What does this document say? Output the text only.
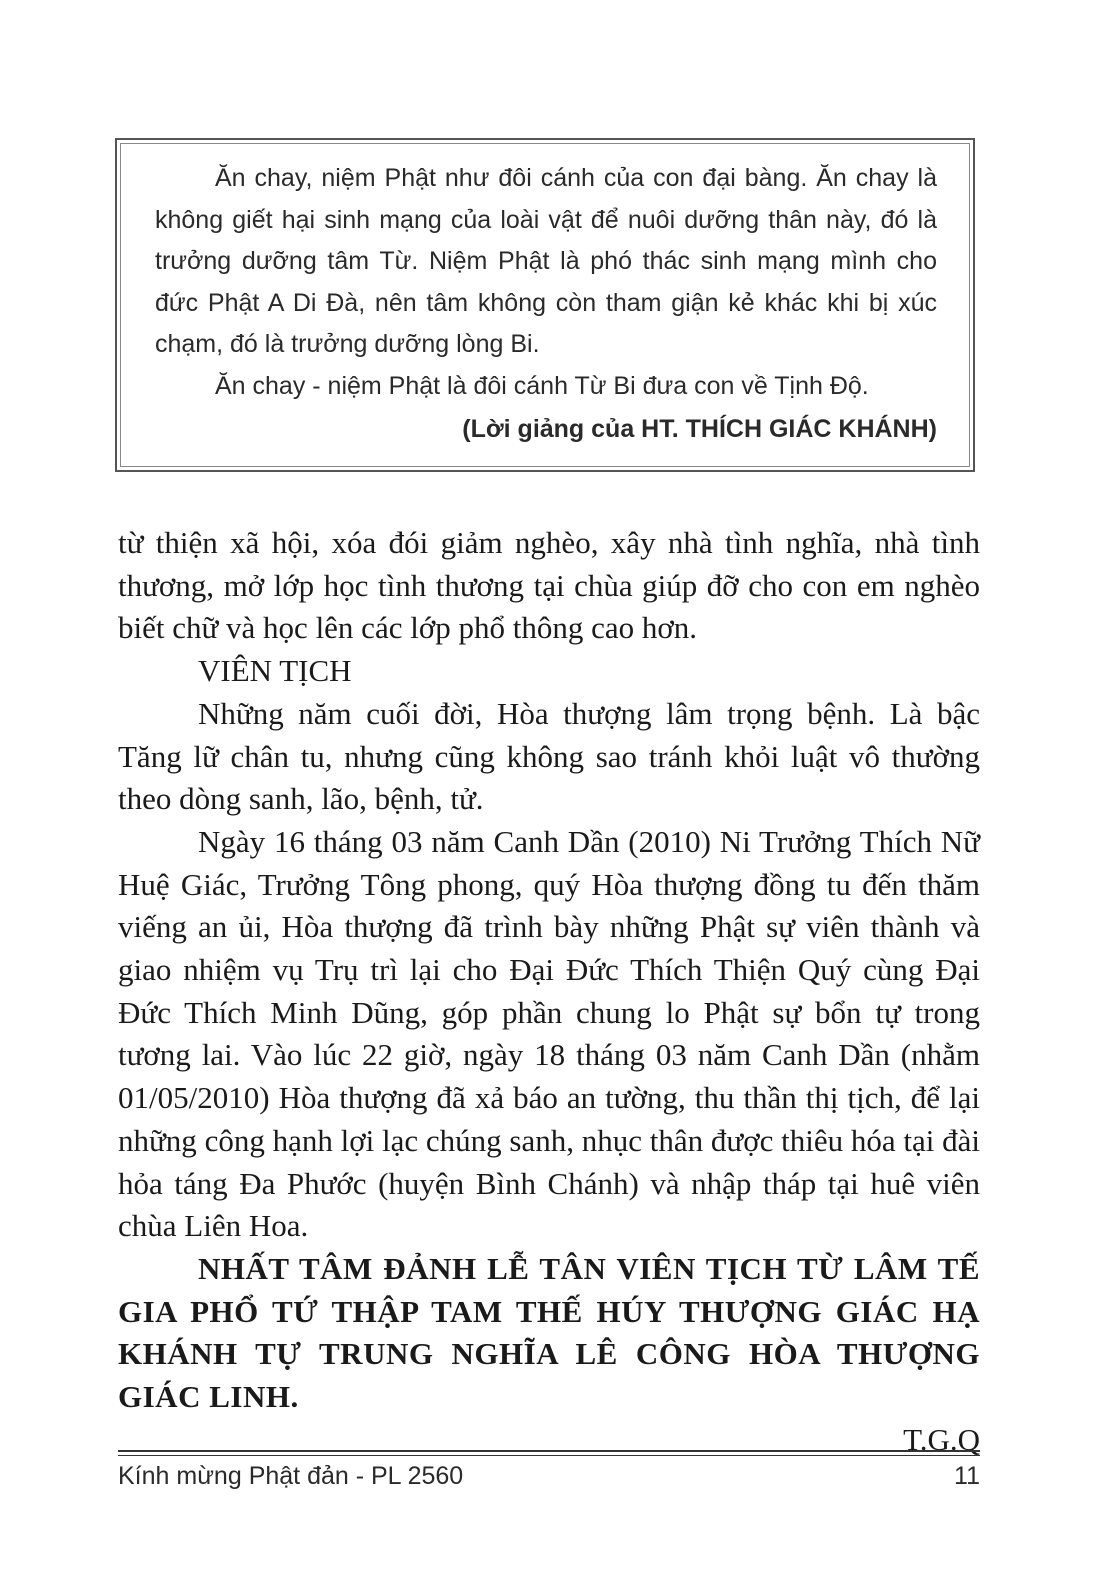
Ăn chay, niệm Phật như đôi cánh của con đại bàng. Ăn chay là không giết hại sinh mạng của loài vật để nuôi dưỡng thân này, đó là trưởng dưỡng tâm Từ. Niệm Phật là phó thác sinh mạng mình cho đức Phật A Di Đà, nên tâm không còn tham giận kẻ khác khi bị xúc chạm, đó là trưởng dưỡng lòng Bi.

Ăn chay - niệm Phật là đôi cánh Từ Bi đưa con về Tịnh Độ.

(Lời giảng của HT. THÍCH GIÁC KHÁNH)

từ thiện xã hội, xóa đói giảm nghèo, xây nhà tình nghĩa, nhà tình thương, mở lớp học tình thương tại chùa giúp đỡ cho con em nghèo biết chữ và học lên các lớp phổ thông cao hơn.

VIÊN TỊCH

Những năm cuối đời, Hòa thượng lâm trọng bệnh. Là bậc Tăng lữ chân tu, nhưng cũng không sao tránh khỏi luật vô thường theo dòng sanh, lão, bệnh, tử.

Ngày 16 tháng 03 năm Canh Dần (2010) Ni Trưởng Thích Nữ Huệ Giác, Trưởng Tông phong, quý Hòa thượng đồng tu đến thăm viếng an ủi, Hòa thượng đã trình bày những Phật sự viên thành và giao nhiệm vụ Trụ trì lại cho Đại Đức Thích Thiện Quý cùng Đại Đức Thích Minh Dũng, góp phần chung lo Phật sự bổn tự trong tương lai. Vào lúc 22 giờ, ngày 18 tháng 03 năm Canh Dần (nhằm 01/05/2010) Hòa thượng đã xả báo an tường, thu thần thị tịch, để lại những công hạnh lợi lạc chúng sanh, nhục thân được thiêu hóa tại đài hỏa táng Đa Phước (huyện Bình Chánh) và nhập tháp tại huê viên chùa Liên Hoa.

NHẤT TÂM ĐẢNH LỄ TÂN VIÊN TỊCH TỪ LÂM TẾ GIA PHỔ TỨ THẬP TAM THẾ HÚY THƯỢNG GIÁC HẠ KHÁNH TỰ TRUNG NGHĨA LÊ CÔNG HÒA THƯỢNG GIÁC LINH.

T.G.Q

Kính mừng Phật đản - PL 2560	11
